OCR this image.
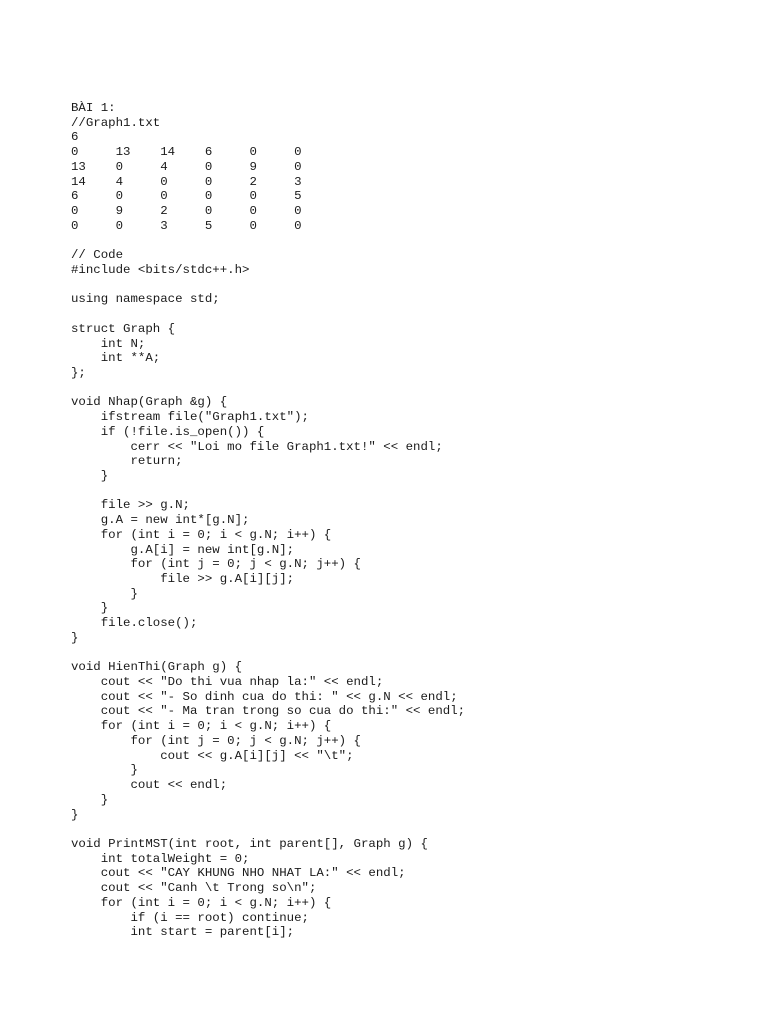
BÀI 1:
//Graph1.txt
6
0     13    14    6     0     0
13    0     4     0     9     0
14    4     0     0     2     3
6     0     0     0     0     5
0     9     2     0     0     0
0     0     3     5     0     0
// Code
#include <bits/stdc++.h>
using namespace std;
struct Graph {
int N;
int **A;
};
void Nhap(Graph &g) {
ifstream file("Graph1.txt");
if (!file.is_open()) {
cerr << "Loi mo file Graph1.txt!" << endl;
return;
}
file >> g.N;
g.A = new int*[g.N];
for (int i = 0; i < g.N; i++) {
g.A[i] = new int[g.N];
for (int j = 0; j < g.N; j++) {
file >> g.A[i][j];
}
}
file.close();
}
void HienThi(Graph g) {
cout << "Do thi vua nhap la:" << endl;
cout << "- So dinh cua do thi: " << g.N << endl;
cout << "- Ma tran trong so cua do thi:" << endl;
for (int i = 0; i < g.N; i++) {
for (int j = 0; j < g.N; j++) {
cout << g.A[i][j] << "\t";
}
cout << endl;
}
}
void PrintMST(int root, int parent[], Graph g) {
int totalWeight = 0;
cout << "CAY KHUNG NHO NHAT LA:" << endl;
cout << "Canh \t Trong so\n";
for (int i = 0; i < g.N; i++) {
if (i == root) continue;
int start = parent[i];
